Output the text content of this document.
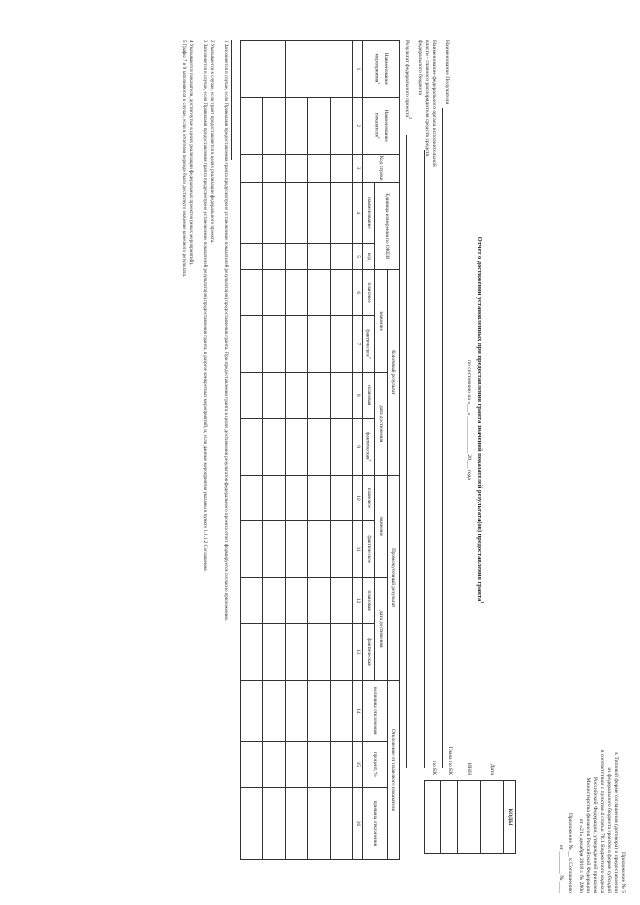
Приложение № 5
к Типовой форме соглашения (договора) о предоставлении
из федерального бюджета грантов в форме субсидий
в соответствии с пунктом 4 статьи 78.1 Бюджетного кодекса
Российской Федерации, утвержденной приказом
Министерства финансов Российской Федерации
от «21» декабря 2018 г. № 280н
Приложение № __ к Соглашению
от ________ № ____
Отчет о достижении установленных при предоставлении гранта значений показателей результата(ов) предоставления гранта$^1$
по состоянию на «___» _____________ 20___ года
КОДЫ
Дата
ИНН
Глава по БК
по БК
Наименование Получателя
Наименование федерального органа исполнительной
власти - главного распорядителя средств средств
федерального бюджета
Результат федерального проекта$^2$
Наименование мероприятия$^3$	Наименование показателя$^4$	Код строки	Единица измерения по ОКЕИ		Конечный результат				Промежуточный результат				Отклонение от планового показателя		
					значение		дата достижения		значение		дата достижения		величина отклонения	процент, %	причина отклонения
			наименование	код	плановое	фактическое$^5$	плановая	фактическая$^5$	плановое	фактическое	плановая	фактическая			
1	2	3	4	5	6	7	8	9	10	11	12	13	14	15	16

1 Заполняется в случае, если Правилами предоставления гранта предусмотрено установление показателей результата(ов) предоставления гранта. При предоставлении гранта в целях достижения результатов федерального проекта отчет формируется согласно приложению.
2 Указывается в случае, если грант предоставляется в целях реализации федерального проекта.
3 Заполняется в случае, если Правилами предоставления гранта предусмотрено установление показателей результата(ов) предоставления гранта, в разрезе конкретных мероприятий, и, если данные мероприятия указаны в пункте 1.1.1.2 Соглашения.
4 Указываются показатели, достигнутые в целях реализации федеральных проектов (иных мероприятий).
5 Графы 7 и 9 заполняются в случае, если в отчетном периоде было достигнуто значение конечного результата.
